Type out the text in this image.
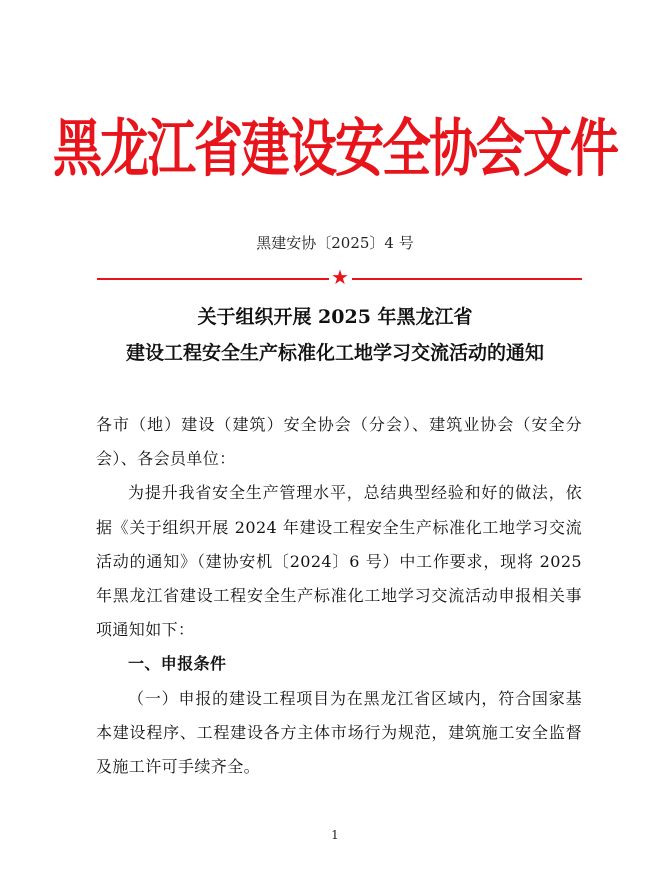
黑龙江省建设安全协会文件
黑建安协〔2025〕4 号
★
关于组织开展 2025 年黑龙江省
建设工程安全生产标准化工地学习交流活动的通知

各市（地）建设（建筑）安全协会（分会）、建筑业协会（安全分会）、各会员单位：

为提升我省安全生产管理水平，总结典型经验和好的做法，依据《关于组织开展 2024 年建设工程安全生产标准化工地学习交流活动的通知》（建协安机〔2024〕6 号）中工作要求，现将 2025 年黑龙江省建设工程安全生产标准化工地学习交流活动申报相关事项通知如下：

一、申报条件

（一）申报的建设工程项目为在黑龙江省区域内，符合国家基本建设程序、工程建设各方主体市场行为规范，建筑施工安全监督及施工许可手续齐全。

1
